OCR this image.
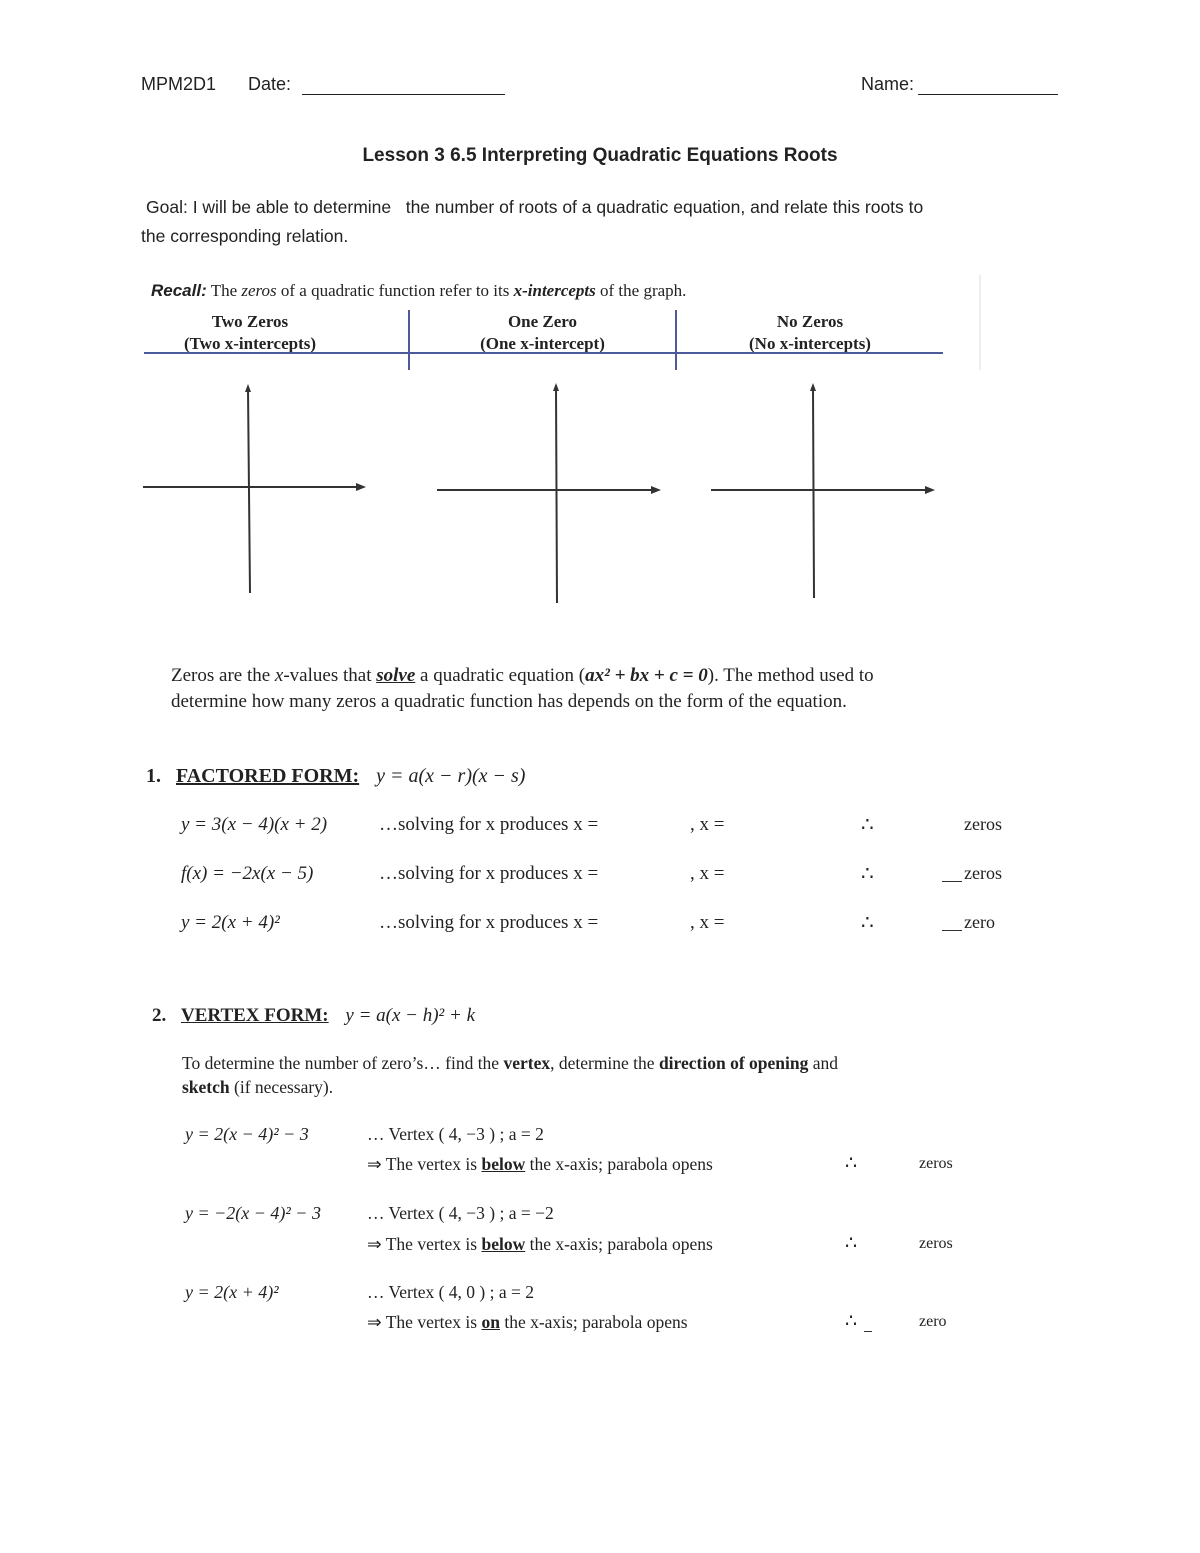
MPM2D1 Date:	Name:
Lesson 3 6.5 Interpreting Quadratic Equations Roots
Goal: I will be able to determine   the number of roots of a quadratic equation, and relate this roots to
the corresponding relation.
Recall: The zeros of a quadratic function refer to its x-intercepts of the graph.
Two Zeros
(Two x-intercepts)
One Zero
(One x-intercept)
No Zeros
(No x-intercepts)
Zeros are the x-values that solve a quadratic equation (ax² + bx + c = 0). The method used to
determine how many zeros a quadratic function has depends on the form of the equation.
1. FACTORED FORM: y = a(x − r)(x − s)
y = 3(x − 4)(x + 2)	…solving for x produces x =	, x =	∴	zeros
f(x) = −2x(x − 5)	…solving for x produces x =	, x =	∴	zeros
y = 2(x + 4)²	…solving for x produces x =	, x =	∴	zero
2. VERTEX FORM: y = a(x − h)² + k
To determine the number of zero’s… find the vertex, determine the direction of opening and
sketch (if necessary).
y = 2(x − 4)² − 3	… Vertex ( 4, −3 ) ; a = 2
⇒ The vertex is below the x-axis; parabola opens	∴	zeros
y = −2(x − 4)² − 3	… Vertex ( 4, −3 ) ; a = −2
⇒ The vertex is below the x-axis; parabola opens	∴	zeros
y = 2(x + 4)²	… Vertex ( 4, 0 ) ; a = 2
⇒ The vertex is on the x-axis; parabola opens	∴	zero
